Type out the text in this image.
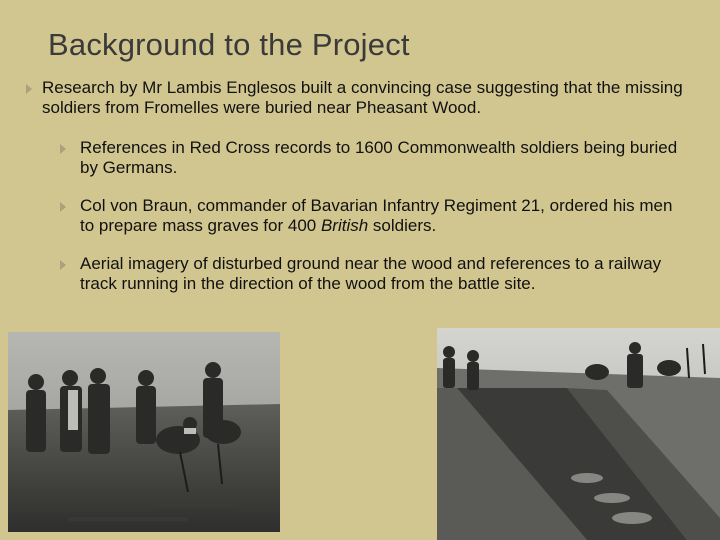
Background to the Project
Research by Mr Lambis Englesos built a convincing case suggesting that the missing soldiers from Fromelles were buried near Pheasant Wood.
References in Red Cross records to 1600 Commonwealth soldiers being buried by Germans.
Col von Braun, commander of Bavarian Infantry Regiment 21, ordered his men to prepare mass graves for 400 British soldiers.
Aerial imagery of disturbed ground near the wood and references to a railway track running in the direction of the wood from the battle site.
